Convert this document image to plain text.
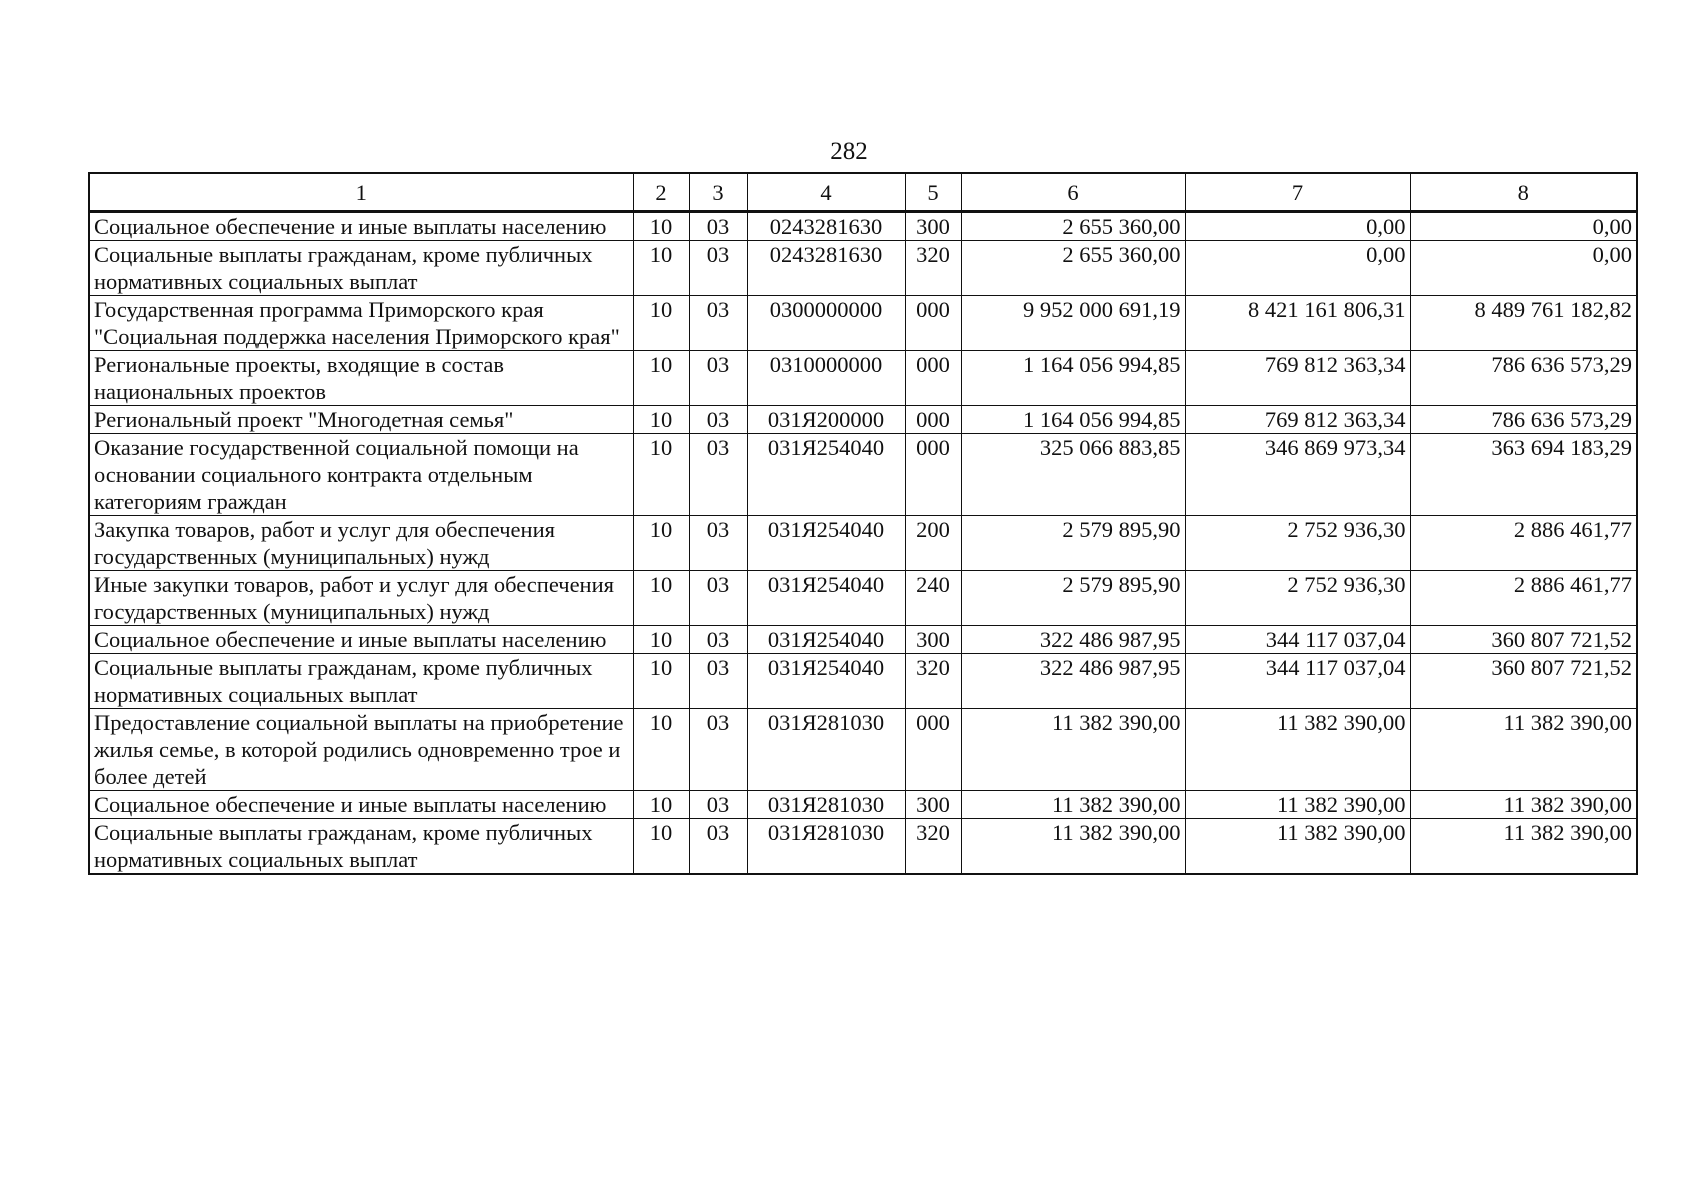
282
1	2	3	4	5	6	7	8
Социальное обеспечение и иные выплаты населению	10	03	0243281630	300	2 655 360,00	0,00	0,00
Социальные выплаты гражданам, кроме публичных нормативных социальных выплат	10	03	0243281630	320	2 655 360,00	0,00	0,00
Государственная программа Приморского края "Социальная поддержка населения Приморского края"	10	03	0300000000	000	9 952 000 691,19	8 421 161 806,31	8 489 761 182,82
Региональные проекты, входящие в состав национальных проектов	10	03	0310000000	000	1 164 056 994,85	769 812 363,34	786 636 573,29
Региональный проект "Многодетная семья"	10	03	031Я200000	000	1 164 056 994,85	769 812 363,34	786 636 573,29
Оказание государственной социальной помощи на основании социального контракта отдельным категориям граждан	10	03	031Я254040	000	325 066 883,85	346 869 973,34	363 694 183,29
Закупка товаров, работ и услуг для обеспечения государственных (муниципальных) нужд	10	03	031Я254040	200	2 579 895,90	2 752 936,30	2 886 461,77
Иные закупки товаров, работ и услуг для обеспечения государственных (муниципальных) нужд	10	03	031Я254040	240	2 579 895,90	2 752 936,30	2 886 461,77
Социальное обеспечение и иные выплаты населению	10	03	031Я254040	300	322 486 987,95	344 117 037,04	360 807 721,52
Социальные выплаты гражданам, кроме публичных нормативных социальных выплат	10	03	031Я254040	320	322 486 987,95	344 117 037,04	360 807 721,52
Предоставление социальной выплаты на приобретение жилья семье, в которой родились одновременно трое и более детей	10	03	031Я281030	000	11 382 390,00	11 382 390,00	11 382 390,00
Социальное обеспечение и иные выплаты населению	10	03	031Я281030	300	11 382 390,00	11 382 390,00	11 382 390,00
Социальные выплаты гражданам, кроме публичных нормативных социальных выплат	10	03	031Я281030	320	11 382 390,00	11 382 390,00	11 382 390,00
